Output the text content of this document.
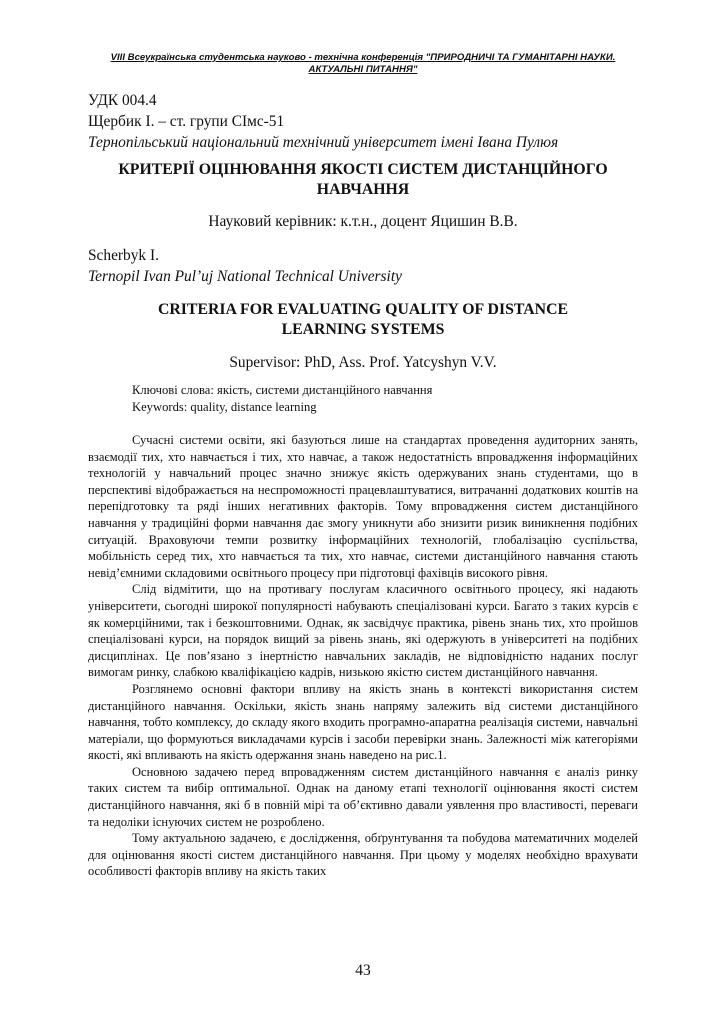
VIII Всеукраїнська студентська науково - технічна конференція "ПРИРОДНИЧІ ТА ГУМАНІТАРНІ НАУКИ.
АКТУАЛЬНІ ПИТАННЯ"
УДК 004.4
Щербик І. – ст. групи СІмс-51
Тернопільський національний технічний університет імені Івана Пулюя
КРИТЕРІЇ ОЦІНЮВАННЯ ЯКОСТІ СИСТЕМ ДИСТАНЦІЙНОГО
НАВЧАННЯ
Науковий керівник: к.т.н., доцент Яцишин В.В.
Scherbyk I.
Ternopil Ivan Pul’uj National Technical University
CRITERIA FOR EVALUATING QUALITY OF DISTANCE
LEARNING SYSTEMS
Supervisor: PhD, Ass. Prof. Yatcyshyn V.V.
Ключові слова: якість, системи дистанційного навчання
Keywords: quality, distance learning

Сучасні системи освіти, які базуються лише на стандартах проведення аудиторних занять, взаємодії тих, хто навчається і тих, хто навчає, а також недостатність впровадження інформаційних технологій у навчальний процес значно знижує якість одержуваних знань студентами, що в перспективі відображається на неспроможності працевлаштуватися, витрачанні додаткових коштів на перепідготовку та ряді інших негативних факторів. Тому впровадження систем дистанційного навчання у традиційні форми навчання дає змогу уникнути або знизити ризик виникнення подібних ситуацій. Враховуючи темпи розвитку інформаційних технологій, глобалізацію суспільства, мобільність серед тих, хто навчається та тих, хто навчає, системи дистанційного навчання стають невід’ємними складовими освітнього процесу при підготовці фахівців високого рівня.

Слід відмітити, що на противагу послугам класичного освітнього процесу, які надають університети, сьогодні широкої популярності набувають спеціалізовані курси. Багато з таких курсів є як комерційними, так і безкоштовними. Однак, як засвідчує практика, рівень знань тих, хто пройшов спеціалізовані курси, на порядок вищий за рівень знань, які одержують в університеті на подібних дисциплінах. Це пов’язано з інертністю навчальних закладів, не відповідністю наданих послуг вимогам ринку, слабкою кваліфікацією кадрів, низькою якістю систем дистанційного навчання.

Розглянемо основні фактори впливу на якість знань в контексті використання систем дистанційного навчання. Оскільки, якість знань напряму залежить від системи дистанційного навчання, тобто комплексу, до складу якого входить програмно-апаратна реалізація системи, навчальні матеріали, що формуються викладачами курсів і засоби перевірки знань. Залежності між категоріями якості, які впливають на якість одержання знань наведено на рис.1.

Основною задачею перед впровадженням систем дистанційного навчання є аналіз ринку таких систем та вибір оптимальної. Однак на даному етапі технології оцінювання якості систем дистанційного навчання, які б в повній мірі та об’єктивно давали уявлення про властивості, переваги та недоліки існуючих систем не розроблено.

Тому актуальною задачею, є дослідження, обґрунтування та побудова математичних моделей для оцінювання якості систем дистанційного навчання. При цьому у моделях необхідно врахувати особливості факторів впливу на якість таких

43
